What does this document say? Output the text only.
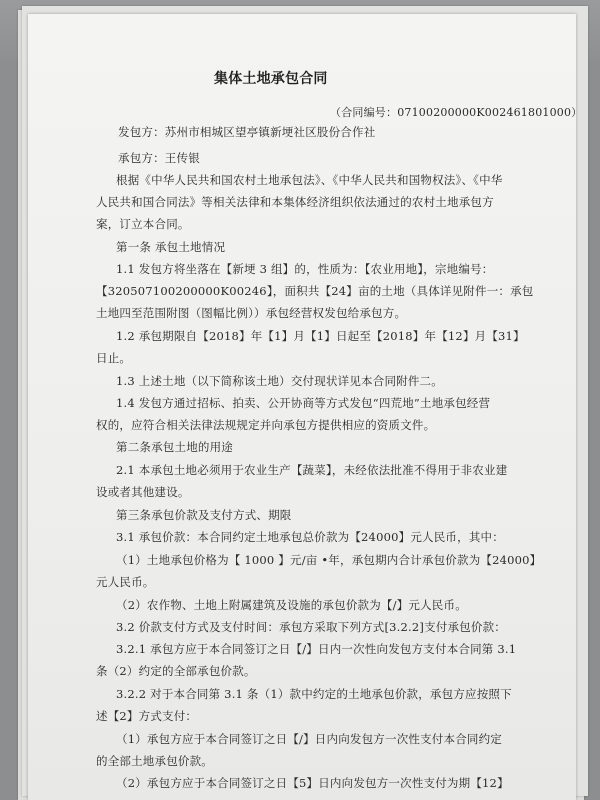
集体土地承包合同
（合同编号：07100200000K002461801000）
发包方：苏州市相城区望亭镇新埂社区股份合作社
承包方：王传银
根据《中华人民共和国农村土地承包法》、《中华人民共和国物权法》、《中华
人民共和国合同法》等相关法律和本集体经济组织依法通过的农村土地承包方
案，订立本合同。
第一条 承包土地情况
1.1 发包方将坐落在【新埂 3 组】的，性质为：【农业用地】，宗地编号：
【320507100200000K00246】，面积共【24】亩的土地（具体详见附件一：承包
土地四至范围附图（图幅比例））承包经营权发包给承包方。
1.2 承包期限自【2018】年【1】月【1】日起至【2018】年【12】月【31】
日止。
1.3 上述土地（以下简称该土地）交付现状详见本合同附件二。
1.4 发包方通过招标、拍卖、公开协商等方式发包“四荒地”土地承包经营
权的，应符合相关法律法规规定并向承包方提供相应的资质文件。
第二条承包土地的用途
2.1 本承包土地必须用于农业生产【蔬菜】，未经依法批准不得用于非农业建
设或者其他建设。
第三条承包价款及支付方式、期限
3.1 承包价款：本合同约定土地承包总价款为【24000】元人民币，其中：
（1）土地承包价格为【 1000 】元/亩 •年，承包期内合计承包价款为【24000】
元人民币。
（2）农作物、土地上附属建筑及设施的承包价款为【/】元人民币。
3.2 价款支付方式及支付时间：承包方采取下列方式[3.2.2]支付承包价款：
3.2.1 承包方应于本合同签订之日【/】日内一次性向发包方支付本合同第 3.1
条（2）约定的全部承包价款。
3.2.2 对于本合同第 3.1 条（1）款中约定的土地承包价款，承包方应按照下
述【2】方式支付：
（1）承包方应于本合同签订之日【/】日内向发包方一次性支付本合同约定
的全部土地承包价款。
（2）承包方应于本合同签订之日【5】日内向发包方一次性支付为期【12】
